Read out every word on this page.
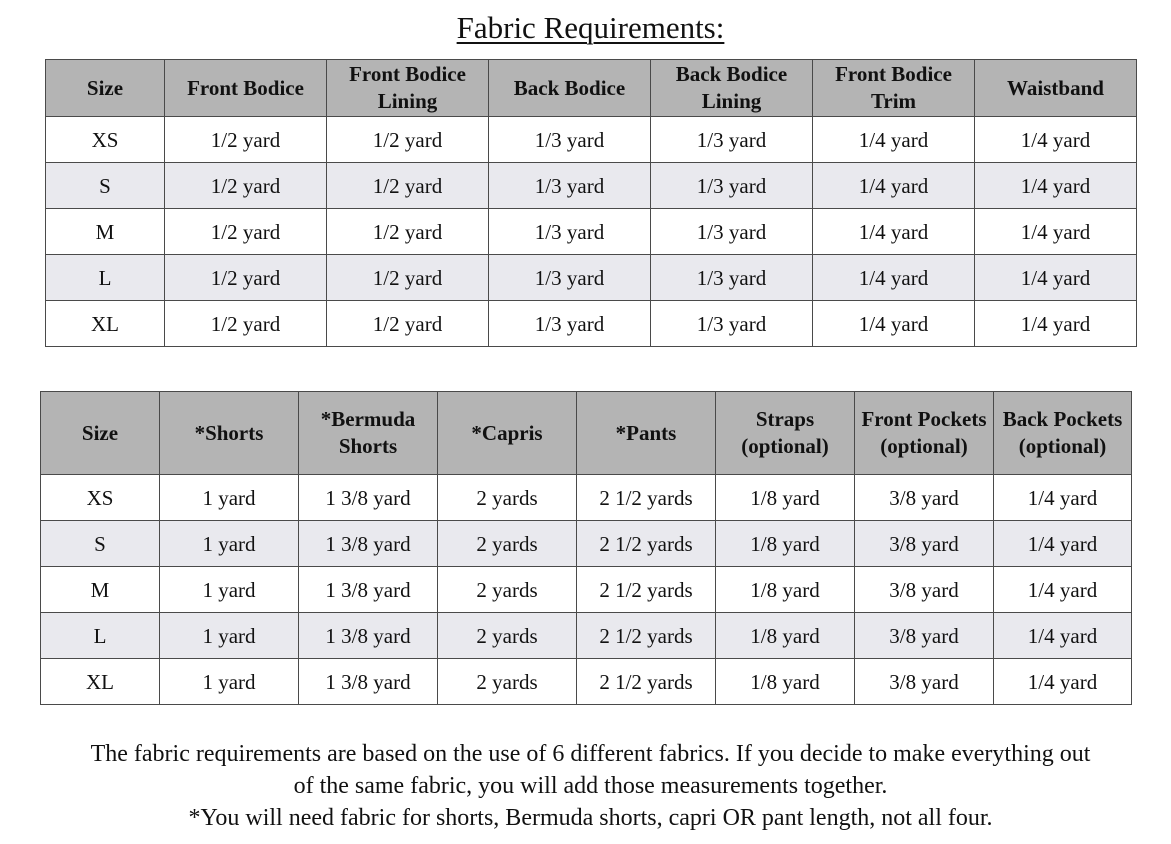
Fabric Requirements:
Size	Front Bodice	Front Bodice Lining	Back Bodice	Back Bodice Lining	Front Bodice Trim	Waistband
XS	1/2 yard	1/2 yard	1/3 yard	1/3 yard	1/4 yard	1/4 yard
S	1/2 yard	1/2 yard	1/3 yard	1/3 yard	1/4 yard	1/4 yard
M	1/2 yard	1/2 yard	1/3 yard	1/3 yard	1/4 yard	1/4 yard
L	1/2 yard	1/2 yard	1/3 yard	1/3 yard	1/4 yard	1/4 yard
XL	1/2 yard	1/2 yard	1/3 yard	1/3 yard	1/4 yard	1/4 yard
Size	*Shorts	*Bermuda Shorts	*Capris	*Pants	Straps (optional)	Front Pockets (optional)	Back Pockets (optional)
XS	1 yard	1 3/8 yard	2 yards	2 1/2 yards	1/8 yard	3/8 yard	1/4 yard
S	1 yard	1 3/8 yard	2 yards	2 1/2 yards	1/8 yard	3/8 yard	1/4 yard
M	1 yard	1 3/8 yard	2 yards	2 1/2 yards	1/8 yard	3/8 yard	1/4 yard
L	1 yard	1 3/8 yard	2 yards	2 1/2 yards	1/8 yard	3/8 yard	1/4 yard
XL	1 yard	1 3/8 yard	2 yards	2 1/2 yards	1/8 yard	3/8 yard	1/4 yard
The fabric requirements are based on the use of 6 different fabrics. If you decide to make everything out
of the same fabric, you will add those measurements together.
*You will need fabric for shorts, Bermuda shorts, capri OR pant length, not all four.
